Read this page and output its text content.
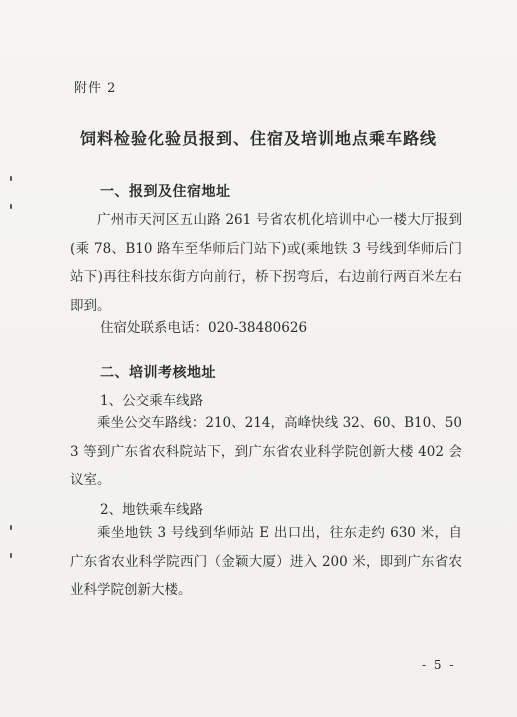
附件 2
饲料检验化验员报到、住宿及培训地点乘车路线
一、报到及住宿地址
广州市天河区五山路 261 号省农机化培训中心一楼大厅报到(乘 78、B10 路车至华师后门站下)或(乘地铁 3 号线到华师后门站下)再往科技东街方向前行，桥下拐弯后，右边前行两百米左右即到。
住宿处联系电话：020-38480626
二、培训考核地址
1、公交乘车线路
乘坐公交车路线：210、214，高峰快线 32、60、B10、503 等到广东省农科院站下，到广东省农业科学院创新大楼 402 会议室。
2、地铁乘车线路
乘坐地铁 3 号线到华师站 E 出口出，往东走约 630 米，自广东省农业科学院西门（金颖大厦）进入 200 米，即到广东省农业科学院创新大楼。
- 5 -
